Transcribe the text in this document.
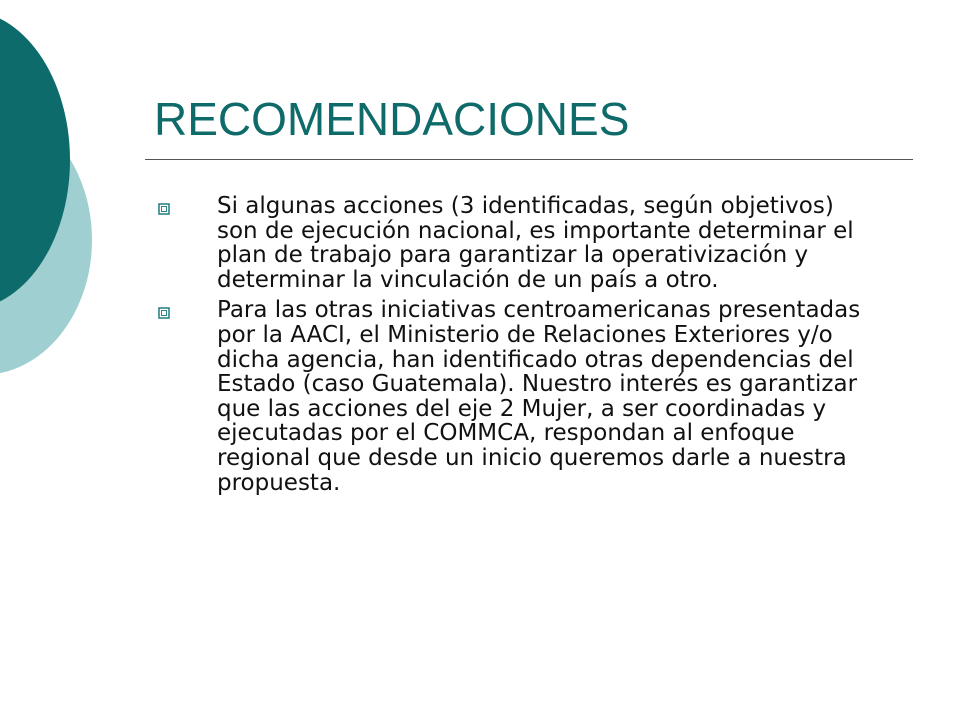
RECOMENDACIONES
Si algunas acciones (3 identificadas, según objetivos) son de ejecución nacional, es importante determinar el plan de trabajo para garantizar la operativización y determinar la vinculación de un país a otro.
Para las otras iniciativas centroamericanas presentadas por la AACI, el Ministerio de Relaciones Exteriores y/o dicha agencia, han identificado otras dependencias del Estado (caso Guatemala). Nuestro interés es garantizar que las acciones del eje 2 Mujer, a ser coordinadas y ejecutadas por el COMMCA, respondan al enfoque regional que desde un inicio queremos darle a nuestra propuesta.
